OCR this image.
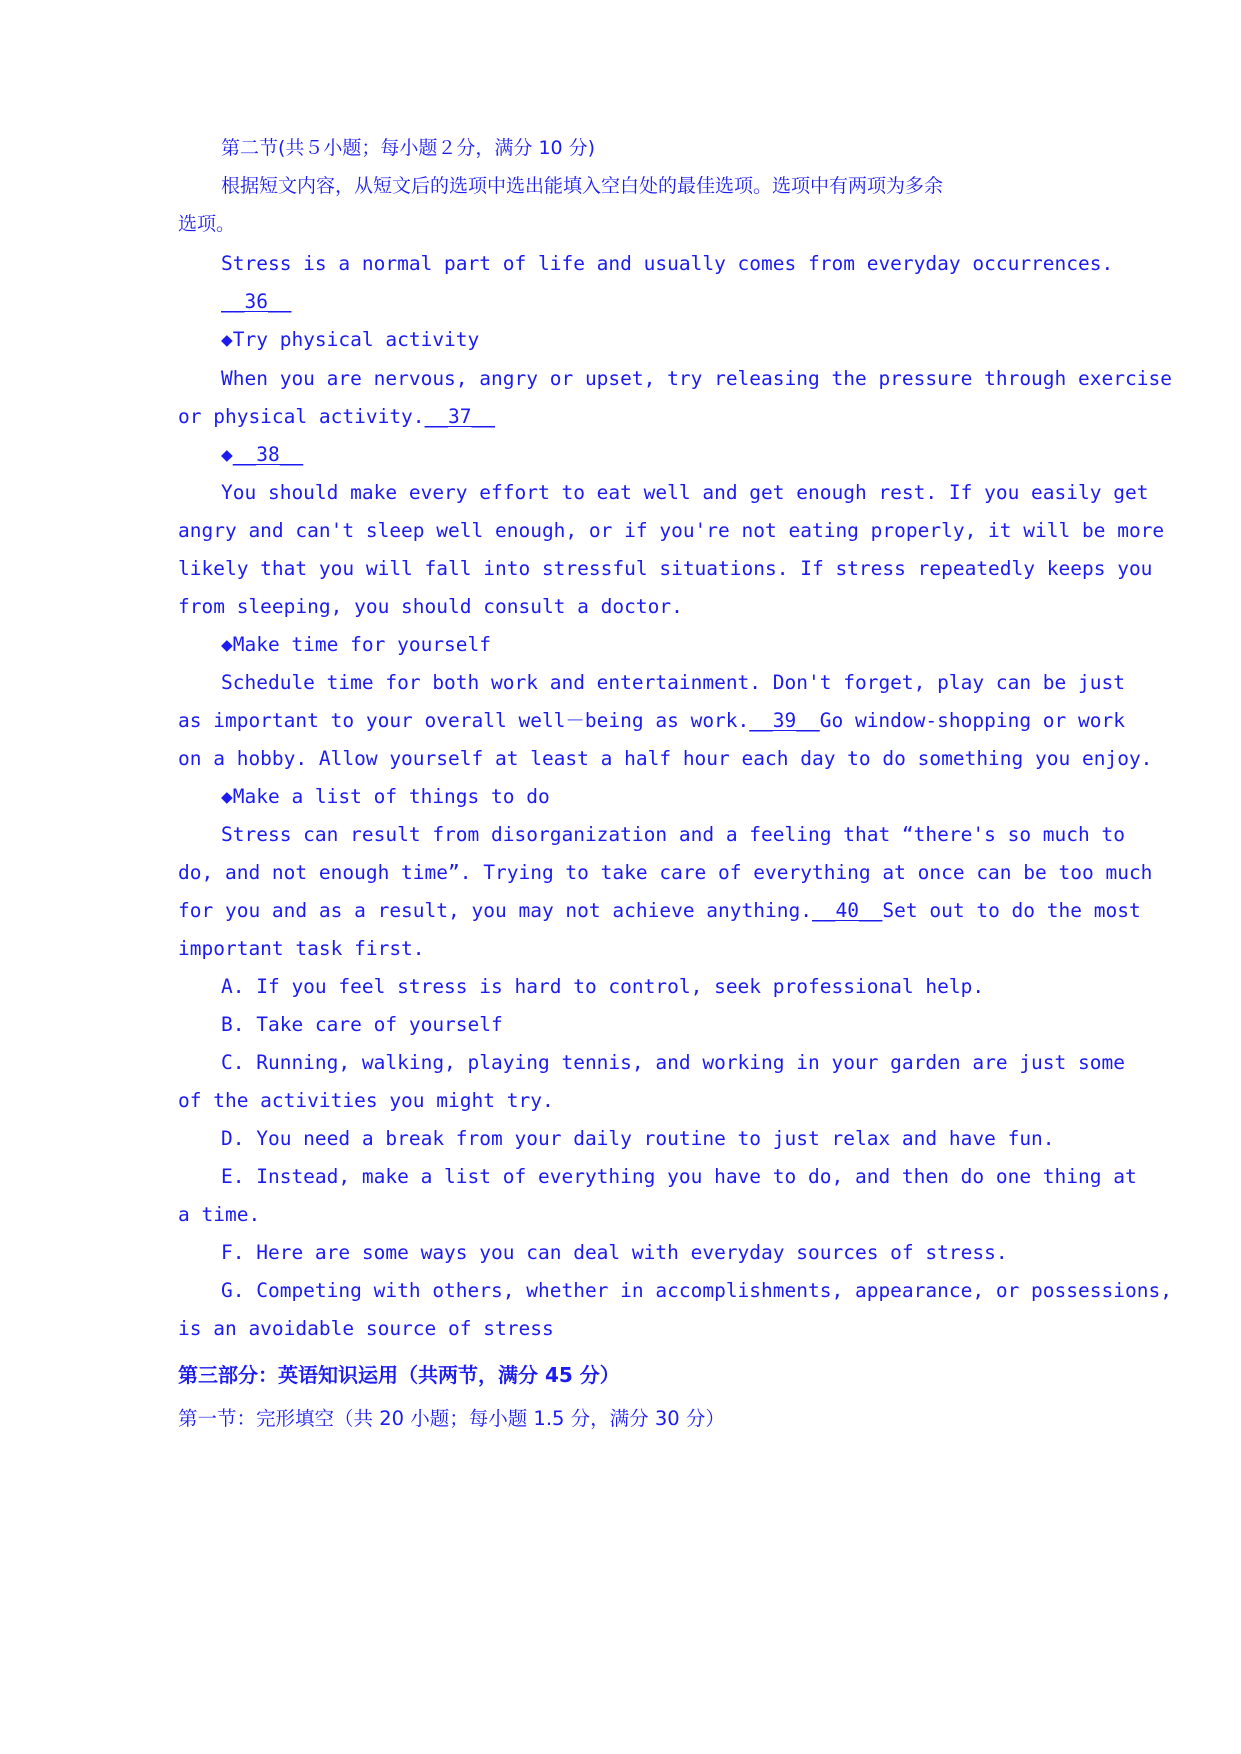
第二节(共５小题；每小题２分，满分 10 分)
根据短文内容，从短文后的选项中选出能填入空白处的最佳选项。选项中有两项为多余
选项。
Stress is a normal part of life and usually comes from everyday occurrences.
__36__
◆Try physical activity
When you are nervous, angry or upset, try releasing the pressure through exercise
or physical activity.__37__
◆__38__
You should make every effort to eat well and get enough rest. If you easily get
angry and can't sleep well enough, or if you're not eating properly, it will be more
likely that you will fall into stressful situations. If stress repeatedly keeps you
from sleeping, you should consult a doctor.
◆Make time for yourself
Schedule time for both work and entertainment. Don't forget, play can be just
as important to your overall well－being as work.__39__Go window-shopping or work
on a hobby. Allow yourself at least a half hour each day to do something you enjoy.
◆Make a list of things to do
Stress can result from disorganization and a feeling that “there's so much to
do, and not enough time”. Trying to take care of everything at once can be too much
for you and as a result, you may not achieve anything.__40__Set out to do the most
important task first.
A. If you feel stress is hard to control, seek professional help.
B. Take care of yourself
C. Running, walking, playing tennis, and working in your garden are just some
of the activities you might try.
D. You need a break from your daily routine to just relax and have fun.
E. Instead, make a list of everything you have to do, and then do one thing at
a time.
F. Here are some ways you can deal with everyday sources of stress.
G. Competing with others, whether in accomplishments, appearance, or possessions,
is an avoidable source of stress
第三部分：英语知识运用（共两节，满分 45 分）
第一节：完形填空（共 20 小题；每小题 1.5 分，满分 30 分）
